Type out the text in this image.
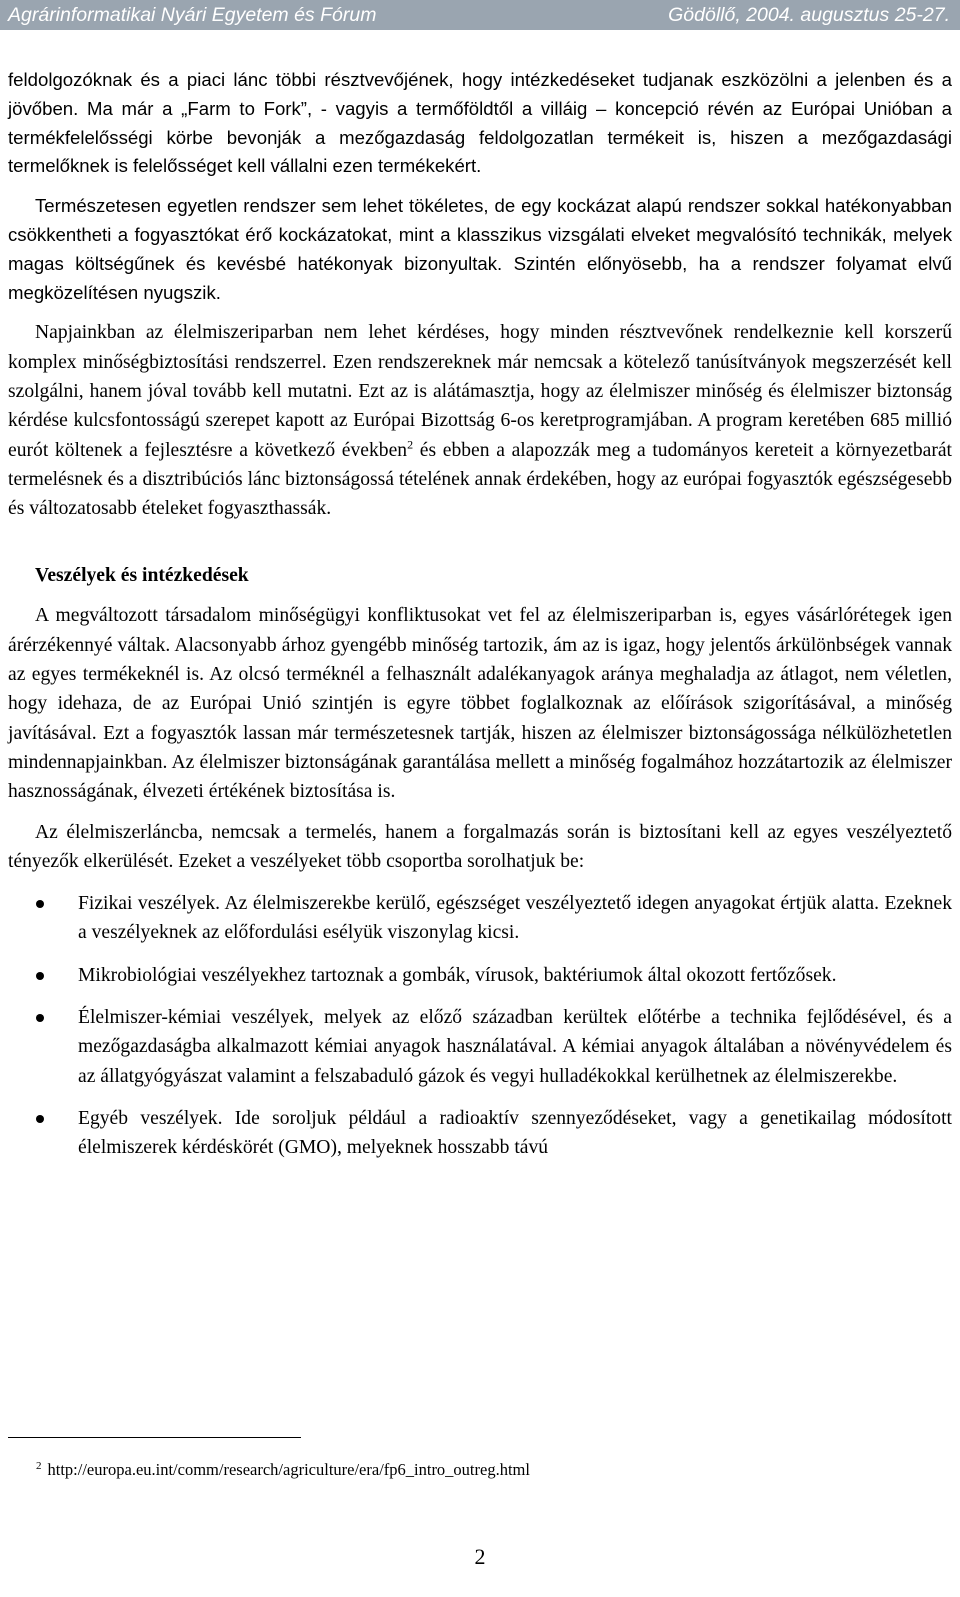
Agrárinformatikai Nyári Egyetem és Fórum	Gödöllő, 2004. augusztus 25-27.

feldolgozóknak és a piaci lánc többi résztvevőjének, hogy intézkedéseket tudjanak eszközölni a jelenben és a jövőben. Ma már a „Farm to Fork”, - vagyis a termőföldtől a villáig – koncepció révén az Európai Unióban a termékfelelősségi körbe bevonják a mezőgazdaság feldolgozatlan termékeit is, hiszen a mezőgazdasági termelőknek is felelősséget kell vállalni ezen termékekért.

Természetesen egyetlen rendszer sem lehet tökéletes, de egy kockázat alapú rendszer sokkal hatékonyabban csökkentheti a fogyasztókat érő kockázatokat, mint a klasszikus vizsgálati elveket megvalósító technikák, melyek magas költségűnek és kevésbé hatékonyak bizonyultak. Szintén előnyösebb, ha a rendszer folyamat elvű megközelítésen nyugszik.

Napjainkban az élelmiszeriparban nem lehet kérdéses, hogy minden résztvevőnek rendelkeznie kell korszerű komplex minőségbiztosítási rendszerrel. Ezen rendszereknek már nemcsak a kötelező tanúsítványok megszerzését kell szolgálni, hanem jóval tovább kell mutatni. Ezt az is alátámasztja, hogy az élelmiszer minőség és élelmiszer biztonság kérdése kulcsfontosságú szerepet kapott az Európai Bizottság 6-os keretprogramjában. A program keretében 685 millió eurót költenek a fejlesztésre a következő években$^2$ és ebben a alapozzák meg a tudományos kereteit a környezetbarát termelésnek és a disztribúciós lánc biztonságossá tételének annak érdekében, hogy az európai fogyasztók egészségesebb és változatosabb ételeket fogyaszthassák.

Veszélyek és intézkedések

A megváltozott társadalom minőségügyi konfliktusokat vet fel az élelmiszeriparban is, egyes vásárlórétegek igen árérzékennyé váltak. Alacsonyabb árhoz gyengébb minőség tartozik, ám az is igaz, hogy jelentős árkülönbségek vannak az egyes termékeknél is. Az olcsó terméknél a felhasznált adalékanyagok aránya meghaladja az átlagot, nem véletlen, hogy idehaza, de az Európai Unió szintjén is egyre többet foglalkoznak az előírások szigorításával, a minőség javításával. Ezt a fogyasztók lassan már természetesnek tartják, hiszen az élelmiszer biztonságossága nélkülözhetetlen mindennapjainkban. Az élelmiszer biztonságának garantálása mellett a minőség fogalmához hozzátartozik az élelmiszer hasznosságának, élvezeti értékének biztosítása is.

Az élelmiszerláncba, nemcsak a termelés, hanem a forgalmazás során is biztosítani kell az egyes veszélyeztető tényezők elkerülését. Ezeket a veszélyeket több csoportba sorolhatjuk be:

Fizikai veszélyek. Az élelmiszerekbe kerülő, egészséget veszélyeztető idegen anyagokat értjük alatta. Ezeknek a veszélyeknek az előfordulási esélyük viszonylag kicsi.
Mikrobiológiai veszélyekhez tartoznak a gombák, vírusok, baktériumok által okozott fertőzősek.
Élelmiszer-kémiai veszélyek, melyek az előző században kerültek előtérbe a technika fejlődésével, és a mezőgazdaságba alkalmazott kémiai anyagok használatával. A kémiai anyagok általában a növényvédelem és az állatgyógyászat valamint a felszabaduló gázok és vegyi hulladékokkal kerülhetnek az élelmiszerekbe.
Egyéb veszélyek. Ide soroljuk például a radioaktív szennyeződéseket, vagy a genetikailag módosított élelmiszerek kérdéskörét (GMO), melyeknek hosszabb távú
$^2$ http://europa.eu.int/comm/research/agriculture/era/fp6_intro_outreg.html
2
